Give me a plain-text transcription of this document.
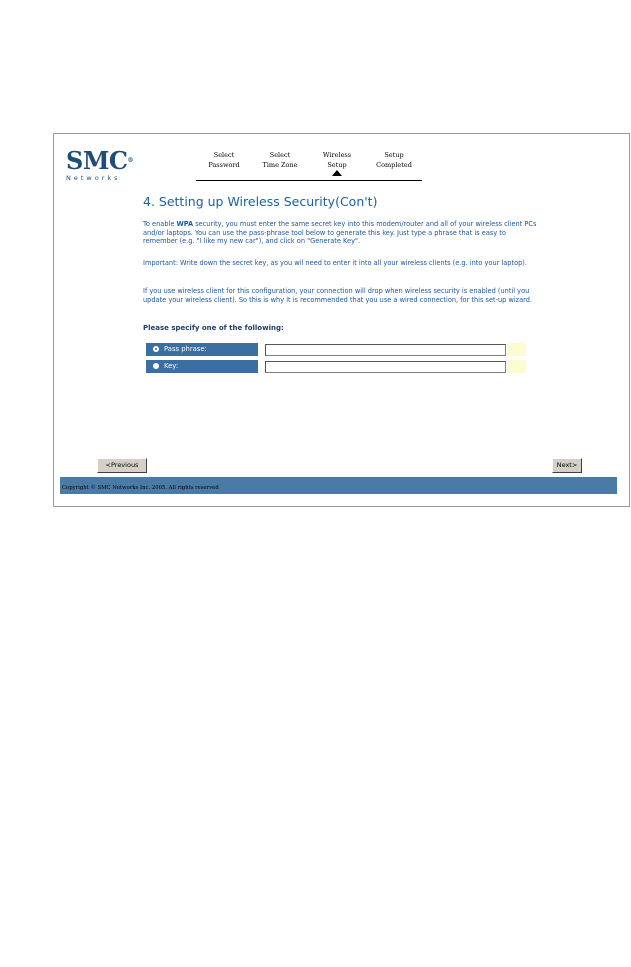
SMC®
Networks
Select
Password
Select
Time Zone
Wireless
Setup
Setup
Completed
4. Setting up Wireless Security(Con't)
To enable WPA security, you must enter the same secret key into this modem/router and all of your wireless client PCs and/or laptops. You can use the pass-phrase tool below to generate this key. Just type a phrase that is easy to remember (e.g. "I like my new car"), and click on "Generate Key".
Important: Write down the secret key, as you wil need to enter it into all your wireless clients (e.g. into your laptop).
If you use wireless client for this configuration, your connection will drop when wireless security is enabled (until you update your wireless client). So this is why it is recommended that you use a wired connection, for this set-up wizard.
Please specify one of the following:
Pass phrase:
Key:
<Previous	Next>
Copyright © SMC Networks Inc. 2005. All rights reserved
